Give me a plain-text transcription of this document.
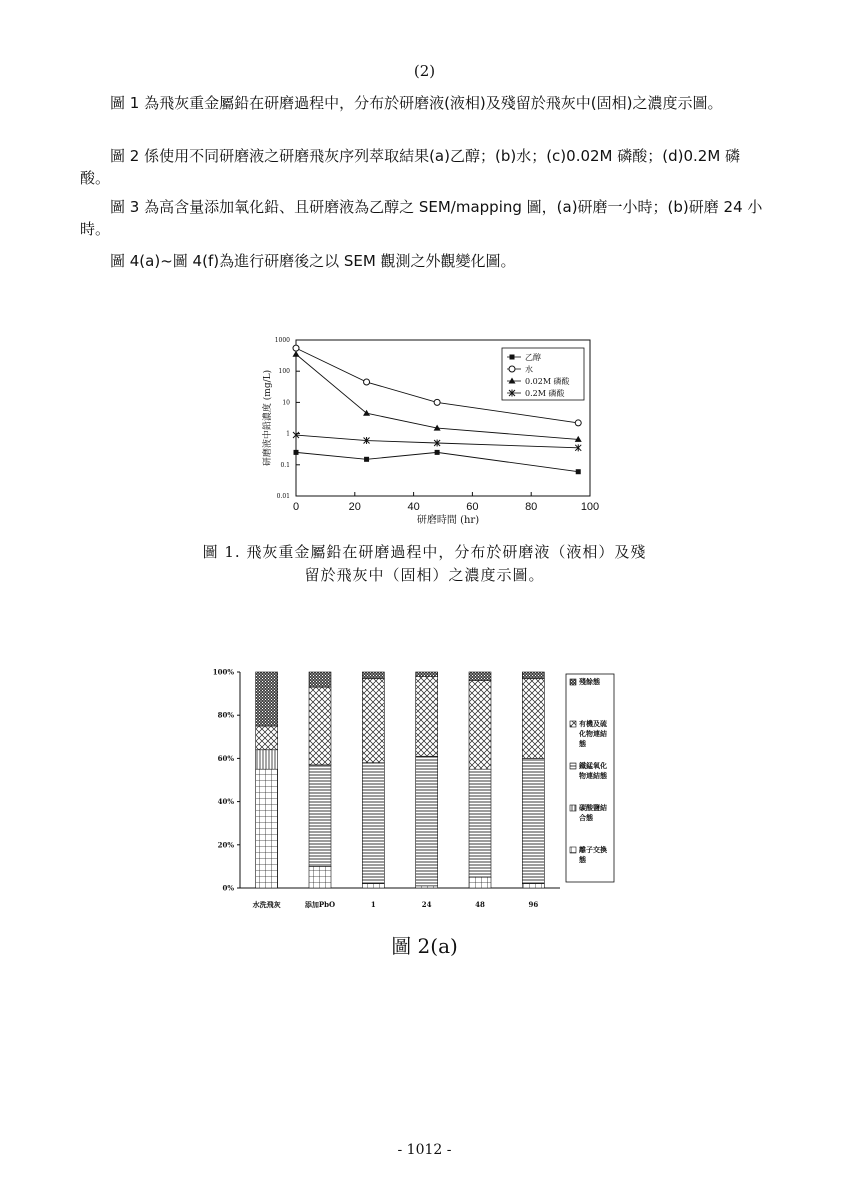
(2)
圖 1 為飛灰重金屬鉛在研磨過程中，分布於研磨液(液相)及殘留於飛灰中(固相)之濃度示圖。
圖 2 係使用不同研磨液之研磨飛灰序列萃取結果(a)乙醇；(b)水；(c)0.02M 磷酸；(d)0.2M 磷酸。
圖 3 為高含量添加氧化鉛、且研磨液為乙醇之 SEM/mapping 圖，(a)研磨一小時；(b)研磨 24 小時。
圖 4(a)~圖 4(f)為進行研磨後之以 SEM 觀測之外觀變化圖。
0.01
0.1
1
10
100
1000
0	20	40	60	80	100
研磨時間 (hr)
研磨液中鉛濃度 (mg/L)
乙醇
水
0.02M 磷酸
0.2M 磷酸
圖 1. 飛灰重金屬鉛在研磨過程中，分布於研磨液（液相）及殘
留於飛灰中（固相）之濃度示圖。
0%
20%
40%
60%
80%
100%
水洗飛灰	添加PbO	1	24	48	96
殘餘態
有機及硫
化物連結
態
鐵錳氧化
物連結態
碳酸鹽結
合態
離子交換
態
圖 2(a)
- 1012 -
